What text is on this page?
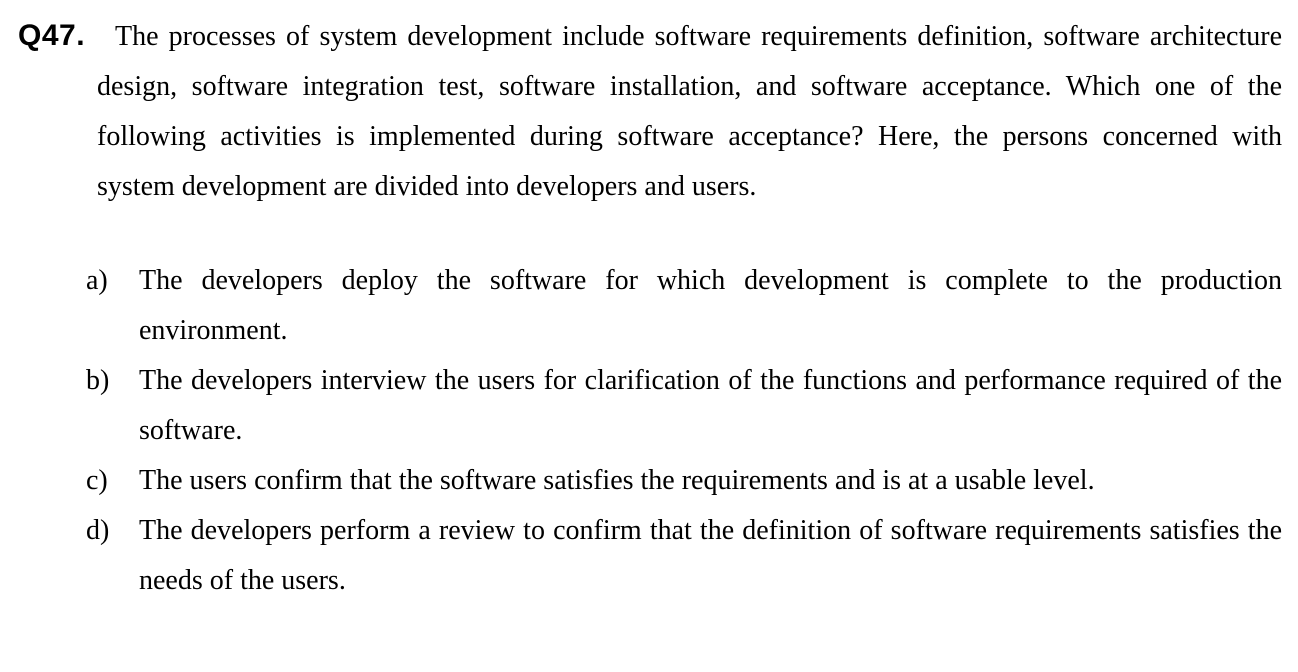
Q47.	The processes of system development include software requirements definition, software architecture design, software integration test, software installation, and software acceptance. Which one of the following activities is implemented during software acceptance? Here, the persons concerned with system development are divided into developers and users.

a) The developers deploy the software for which development is complete to the production environment.
b) The developers interview the users for clarification of the functions and performance required of the software.
c) The users confirm that the software satisfies the requirements and is at a usable level.
d) The developers perform a review to confirm that the definition of software requirements satisfies the needs of the users.
